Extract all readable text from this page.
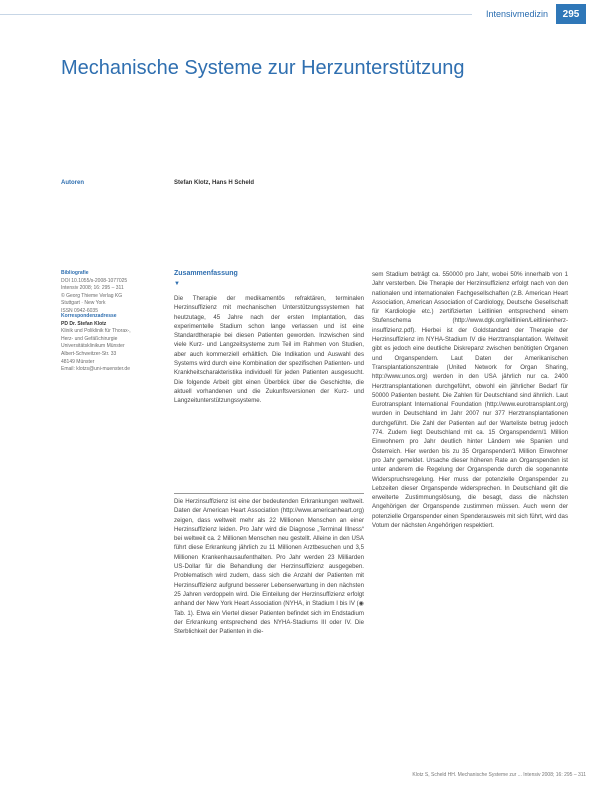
Intensivmedizin	295
Mechanische Systeme zur Herzunterstützung
Autoren	Stefan Klotz, Hans H Scheld
Bibliografie
DOI 10.1055/s-2008-1077025
Intensiv 2008; 16: 295 – 311
© Georg Thieme Verlag KG
Stuttgart · New York
ISSN 0942-6035
Korrespondenzadresse
PD Dr. Stefan Klotz
Klinik und Poliklinik für Thorax-,
Herz- und Gefäßchirurgie
Universitätsklinikum Münster
Albert-Schweitzer-Str. 33
48149 Münster
Email: klotzs@uni-muenster.de
Zusammenfassung
▼

Die Therapie der medikamentös refraktären, terminalen Herzinsuffizienz mit mechanischen Unterstützungssystemen hat heutzutage, 45 Jahre nach der ersten Implantation, das experimentelle Stadium schon lange verlassen und ist eine Standardtherapie bei diesen Patienten geworden. Inzwischen sind viele Kurz- und Langzeitsysteme zum Teil im Rahmen von Studien, aber auch kommerziell erhältlich. Die Indikation und Auswahl des Systems wird durch eine Kombination der spezifischen Patienten- und Krankheitscharakteristika individuell für jeden Patienten ausgesucht. Die folgende Arbeit gibt einen Überblick über die Geschichte, die aktuell vorhandenen und die Zukunftsversionen der Kurz- und Langzeitunterstützungssysteme.

Die Herzinsuffizienz ist eine der bedeutenden Erkrankungen weltweit. Daten der American Heart Association (http://www.americanheart.org) zeigen, dass weltweit mehr als 22 Millionen Menschen an einer Herzinsuffizienz leiden. Pro Jahr wird die Diagnose „Terminal Illness“ bei weltweit ca. 2 Millionen Menschen neu gestellt. Alleine in den USA führt diese Erkrankung jährlich zu 11 Millionen Arztbesuchen und 3,5 Millionen Krankenhausaufenthalten. Pro Jahr werden 23 Milliarden US-Dollar für die Behandlung der Herzinsuffizienz ausgegeben. Problematisch wird zudem, dass sich die Anzahl der Patienten mit Herzinsuffizienz aufgrund besserer Lebenserwartung in den nächsten 25 Jahren verdoppeln wird. Die Einteilung der Herzinsuffizienz erfolgt anhand der New York Heart Association (NYHA, in Stadium I bis IV (◉ Tab. 1). Etwa ein Viertel dieser Patienten befindet sich im Endstadium der Erkrankung entsprechend des NYHA-Stadiums III oder IV. Die Sterblichkeit der Patienten in die-

sem Stadium beträgt ca. 550000 pro Jahr, wobei 50% innerhalb von 1 Jahr versterben. Die Therapie der Herzinsuffizienz erfolgt nach von den nationalen und internationalen Fachgesellschaften (z.B. American Heart Association, American Association of Cardiology, Deutsche Gesellschaft für Kardiologie etc.) zertifizierten Leitlinien entsprechend einem Stufenschema (http://www.dgk.org/leitlinien/Leitlinienherz-insuffizienz.pdf). Hierbei ist der Goldstandard der Therapie der Herzinsuffizienz im NYHA-Stadium IV die Herztransplantation. Weltweit gibt es jedoch eine deutliche Diskrepanz zwischen benötigten Organen und Organspendern. Laut Daten der Amerikanischen Transplantationszentrale (United Network for Organ Sharing, http://www.unos.org) werden in den USA jährlich nur ca. 2400 Herztransplantationen durchgeführt, obwohl ein jährlicher Bedarf für 50000 Patienten besteht. Die Zahlen für Deutschland sind ähnlich. Laut Eurotransplant International Foundation (http://www.eurotransplant.org) wurden in Deutschland im Jahr 2007 nur 377 Herztransplantationen durchgeführt. Die Zahl der Patienten auf der Warteliste betrug jedoch 774. Zudem liegt Deutschland mit ca. 15 Organspendern/1 Million Einwohnern pro Jahr deutlich hinter Ländern wie Spanien und Österreich. Hier werden bis zu 35 Organspender/1 Million Einwohner pro Jahr gemeldet. Ursache dieser höheren Rate an Organspenden ist unter anderem die Regelung der Organspende durch die sogenannte Widerspruchsregelung. Hier muss der potenzielle Organspender zu Lebzeiten dieser Organspende widersprechen. In Deutschland gilt die erweiterte Zustimmungslösung, die besagt, dass die nächsten Angehörigen der Organspende zustimmen müssen. Auch wenn der potenzielle Organspender einen Spenderausweis mit sich führt, wird das Votum der nächsten Angehörigen respektiert.

Klotz S, Scheld HH. Mechanische Systeme zur ... Intensiv 2008; 16: 295 – 311
